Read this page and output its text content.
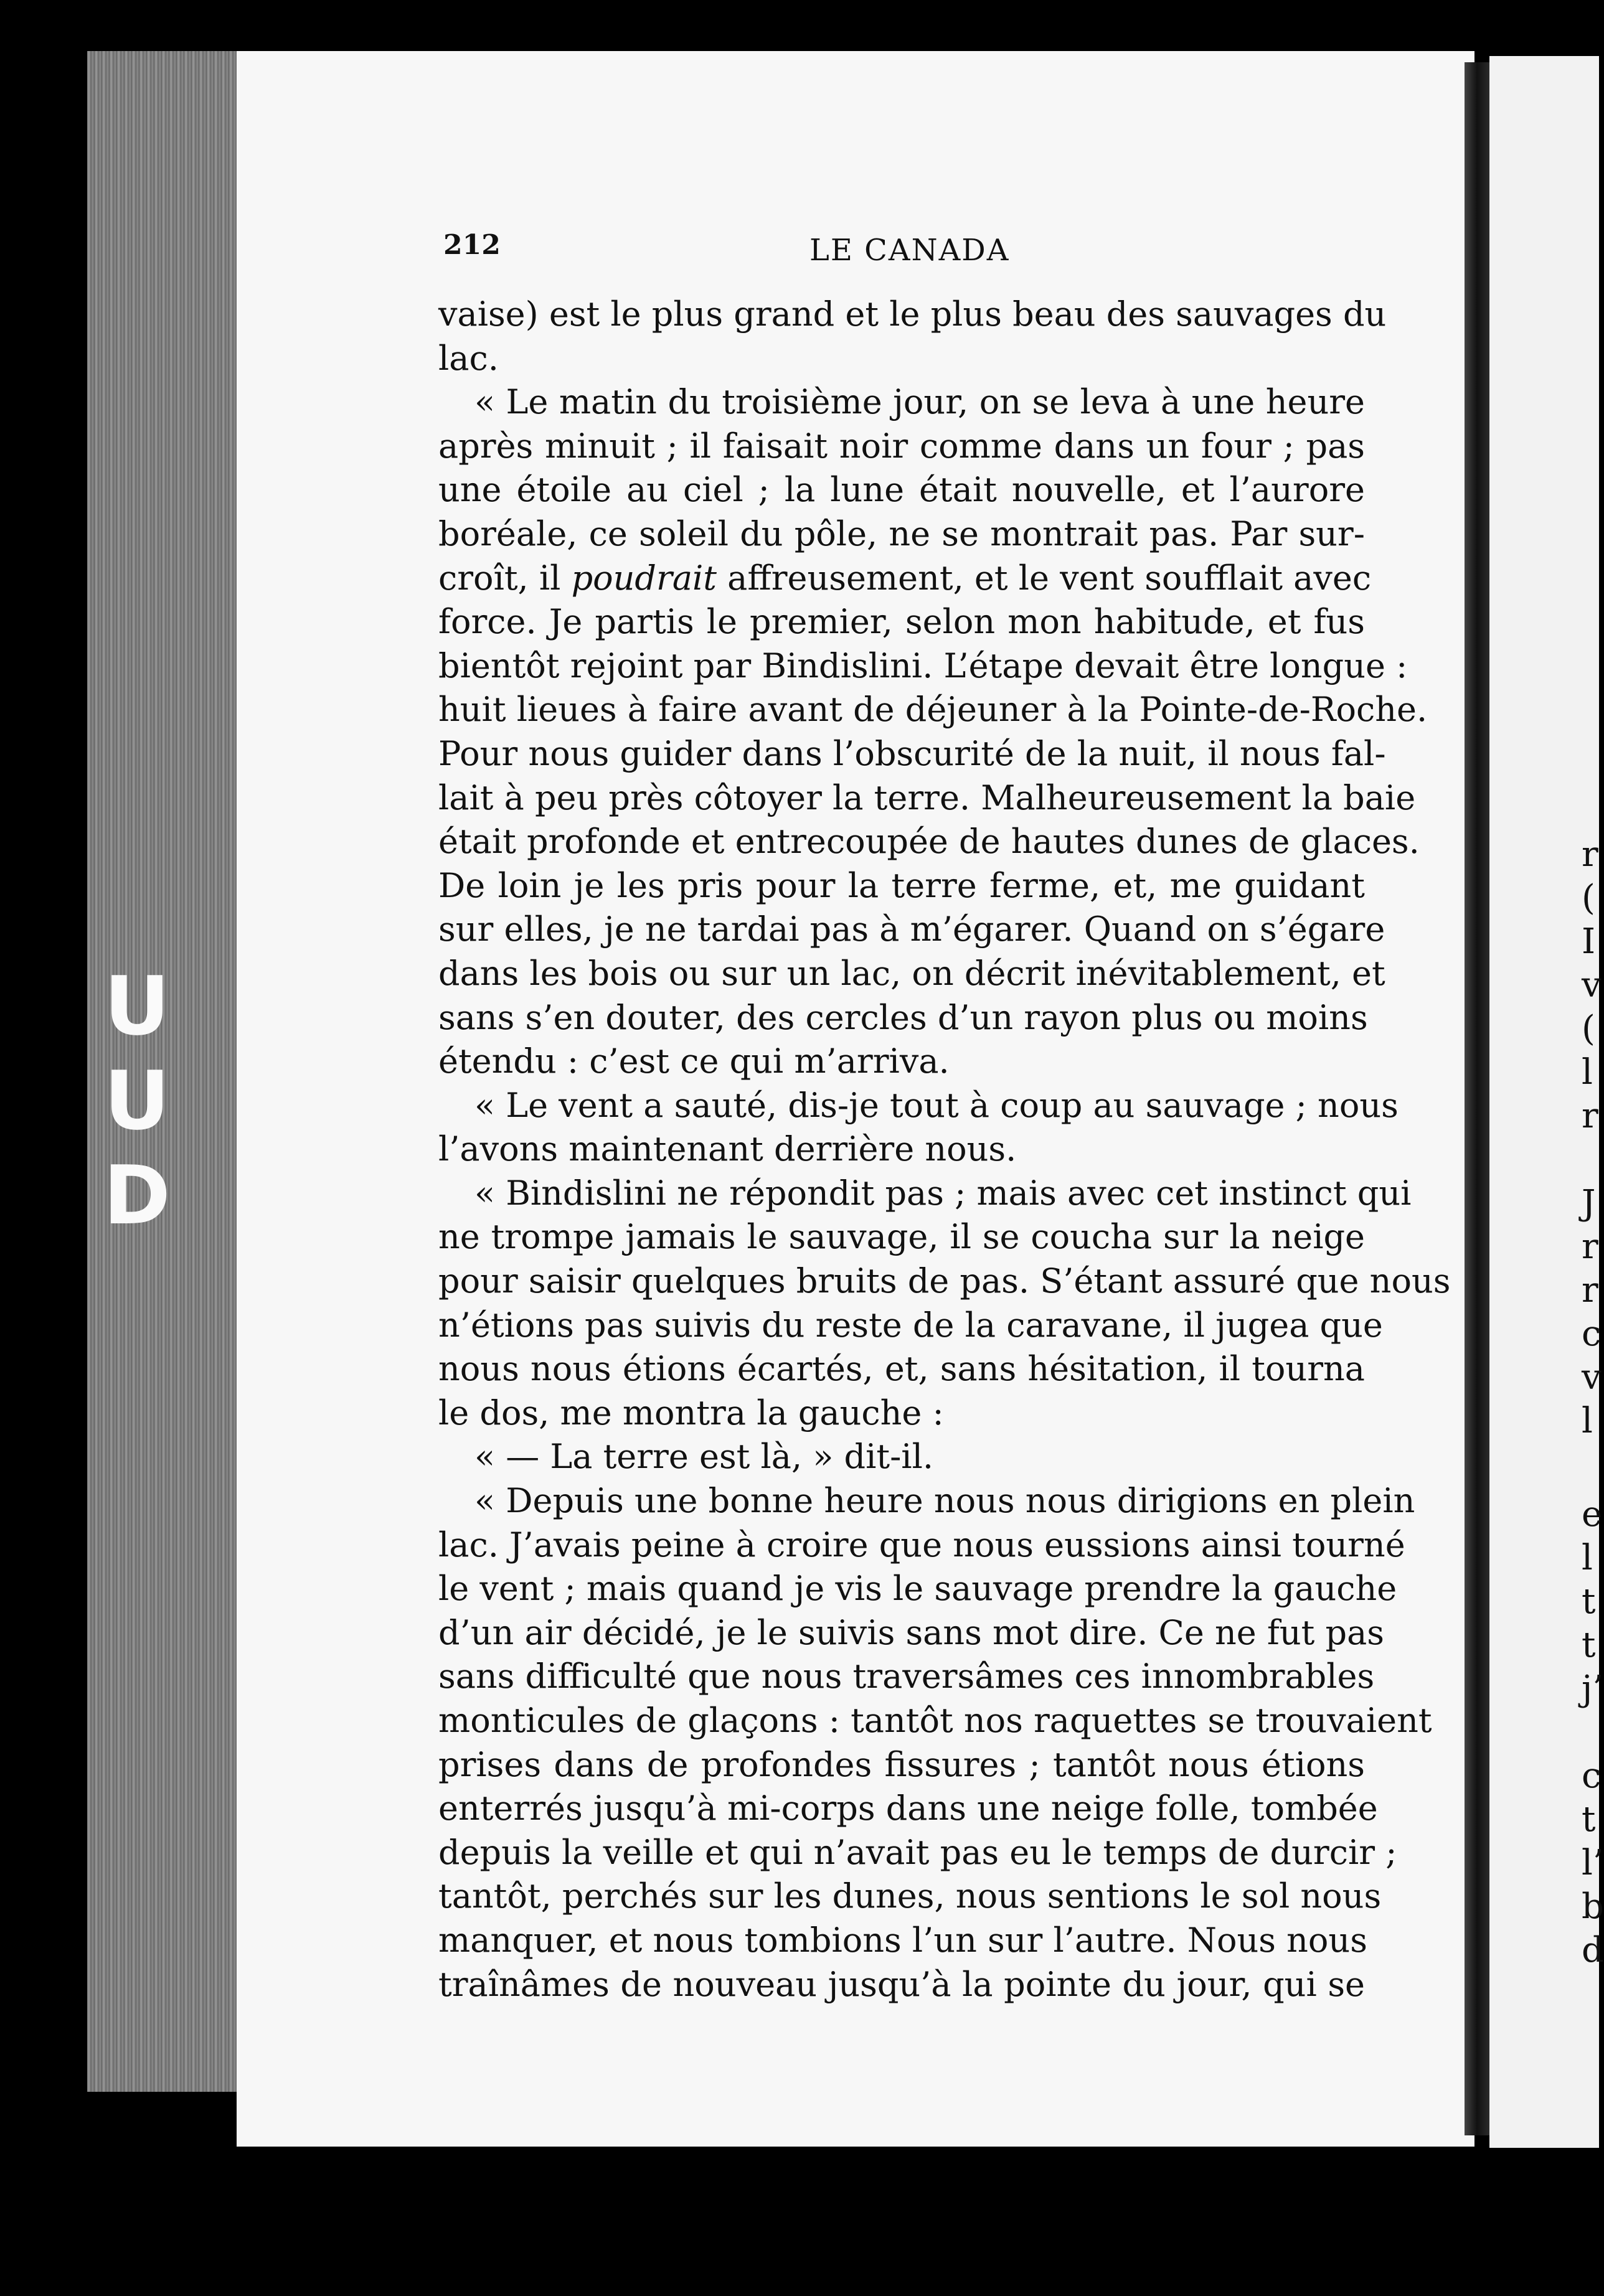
UUD
212	LE CANADA
vaise) est le plus grand et le plus beau des sauvages du
lac.
« Le matin du troisième jour, on se leva à une heure
après minuit ; il faisait noir comme dans un four ; pas
une étoile au ciel ; la lune était nouvelle, et l’aurore
boréale, ce soleil du pôle, ne se montrait pas. Par sur-
croît, il poudrait affreusement, et le vent soufflait avec
force. Je partis le premier, selon mon habitude, et fus
bientôt rejoint par Bindislini. L’étape devait être longue :
huit lieues à faire avant de déjeuner à la Pointe-de-Roche.
Pour nous guider dans l’obscurité de la nuit, il nous fal-
lait à peu près côtoyer la terre. Malheureusement la baie
était profonde et entrecoupée de hautes dunes de glaces.
De loin je les pris pour la terre ferme, et, me guidant
sur elles, je ne tardai pas à m’égarer. Quand on s’égare
dans les bois ou sur un lac, on décrit inévitablement, et
sans s’en douter, des cercles d’un rayon plus ou moins
étendu : c’est ce qui m’arriva.
« Le vent a sauté, dis-je tout à coup au sauvage ; nous
l’avons maintenant derrière nous.
« Bindislini ne répondit pas ; mais avec cet instinct qui
ne trompe jamais le sauvage, il se coucha sur la neige
pour saisir quelques bruits de pas. S’étant assuré que nous
n’étions pas suivis du reste de la caravane, il jugea que
nous nous étions écartés, et, sans hésitation, il tourna
le dos, me montra la gauche :
« — La terre est là, » dit-il.
« Depuis une bonne heure nous nous dirigions en plein
lac. J’avais peine à croire que nous eussions ainsi tourné
le vent ; mais quand je vis le sauvage prendre la gauche
d’un air décidé, je le suivis sans mot dire. Ce ne fut pas
sans difficulté que nous traversâmes ces innombrables
monticules de glaçons : tantôt nos raquettes se trouvaient
prises dans de profondes fissures ; tantôt nous étions
enterrés jusqu’à mi-corps dans une neige folle, tombée
depuis la veille et qui n’avait pas eu le temps de durcir ;
tantôt, perchés sur les dunes, nous sentions le sol nous
manquer, et nous tombions l’un sur l’autre. Nous nous
traînâmes de nouveau jusqu’à la pointe du jour, qui se
r
(
I
v
(
l
r
J
r
r
c
v
l
e
l
t
t
j’
c
t
l’
b
d
